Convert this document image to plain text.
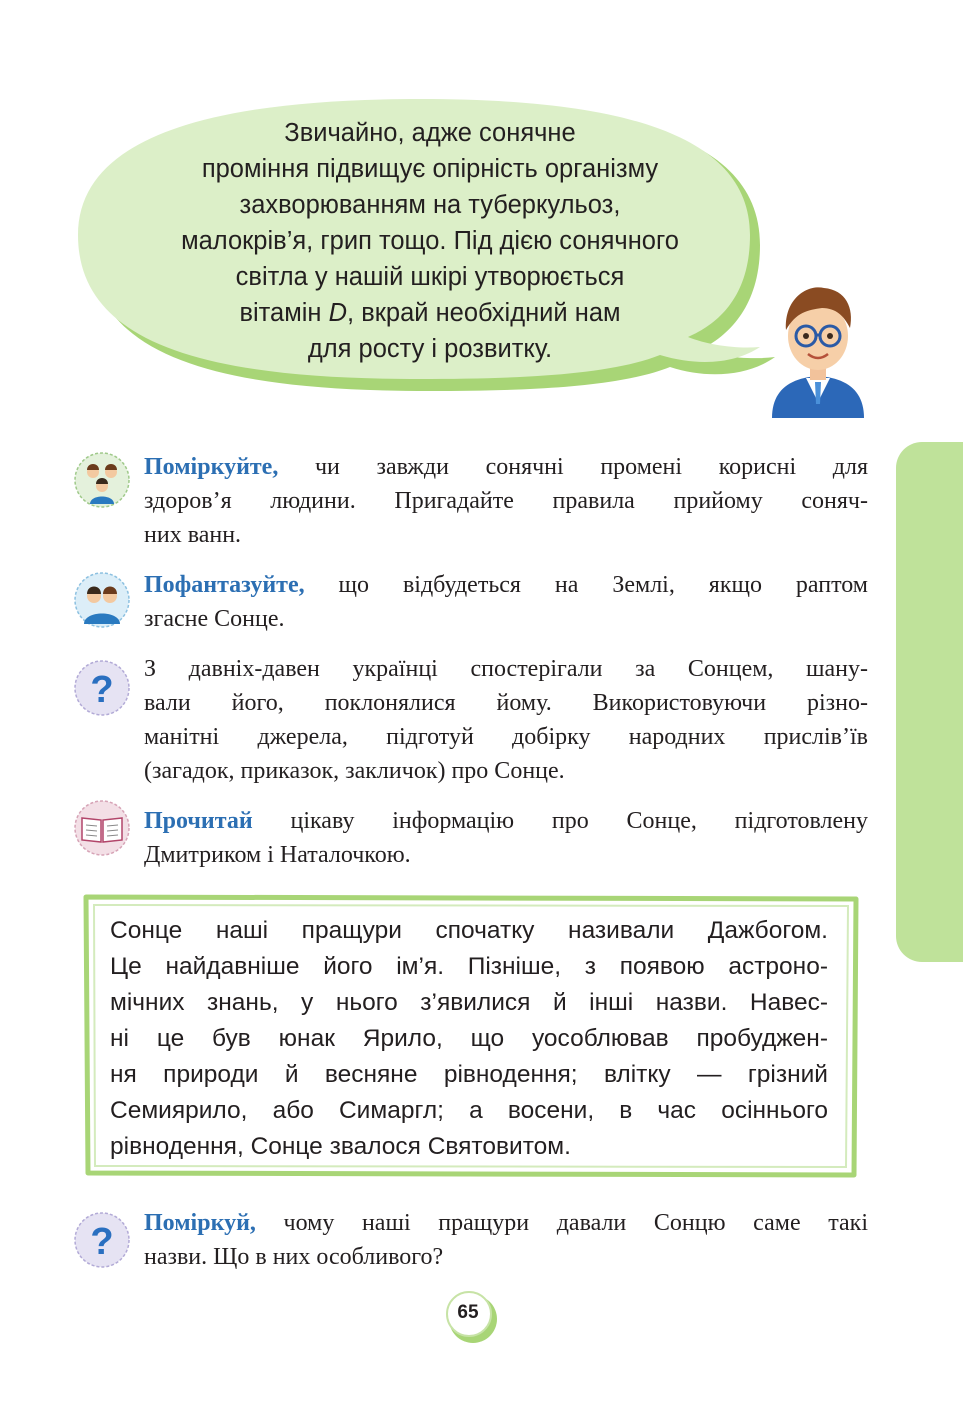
Звичайно, адже сонячне
проміння підвищує опірність організму
захворюванням на туберкульоз,
малокрів’я, грип тощо. Під дією сонячного
світла у нашій шкірі утворюється
вітамін D, вкрай необхідний нам
для росту і розвитку.
Поміркуйте, чи завжди сонячні промені корисні для
здоров’я людини. Пригадайте правила прийому соняч-
них ванн.
Пофантазуйте, що відбудеться на Землі, якщо раптом
згасне Сонце.
? З давніх-давен українці спостерігали за Сонцем, шану-
вали його, поклонялися йому. Використовуючи різно-
манітні джерела, підготуй добірку народних прислів’їв
(загадок, приказок, закличок) про Сонце.
Прочитай цікаву інформацію про Сонце, підготовлену
Дмитриком і Наталочкою.
Сонце наші пращури спочатку називали Дажбогом.
Це найдавніше його ім’я. Пізніше, з появою астроно-
мічних знань, у нього з’явилися й інші назви. Навес-
ні це був юнак Ярило, що уособлював пробуджен-
ня природи й весняне рівнодення; влітку — грізний
Семиярило, або Симаргл; а восени, в час осіннього
рівнодення, Сонце звалося Святовитом.
? Поміркуй, чому наші пращури давали Сонцю саме такі
назви. Що в них особливого?
65
